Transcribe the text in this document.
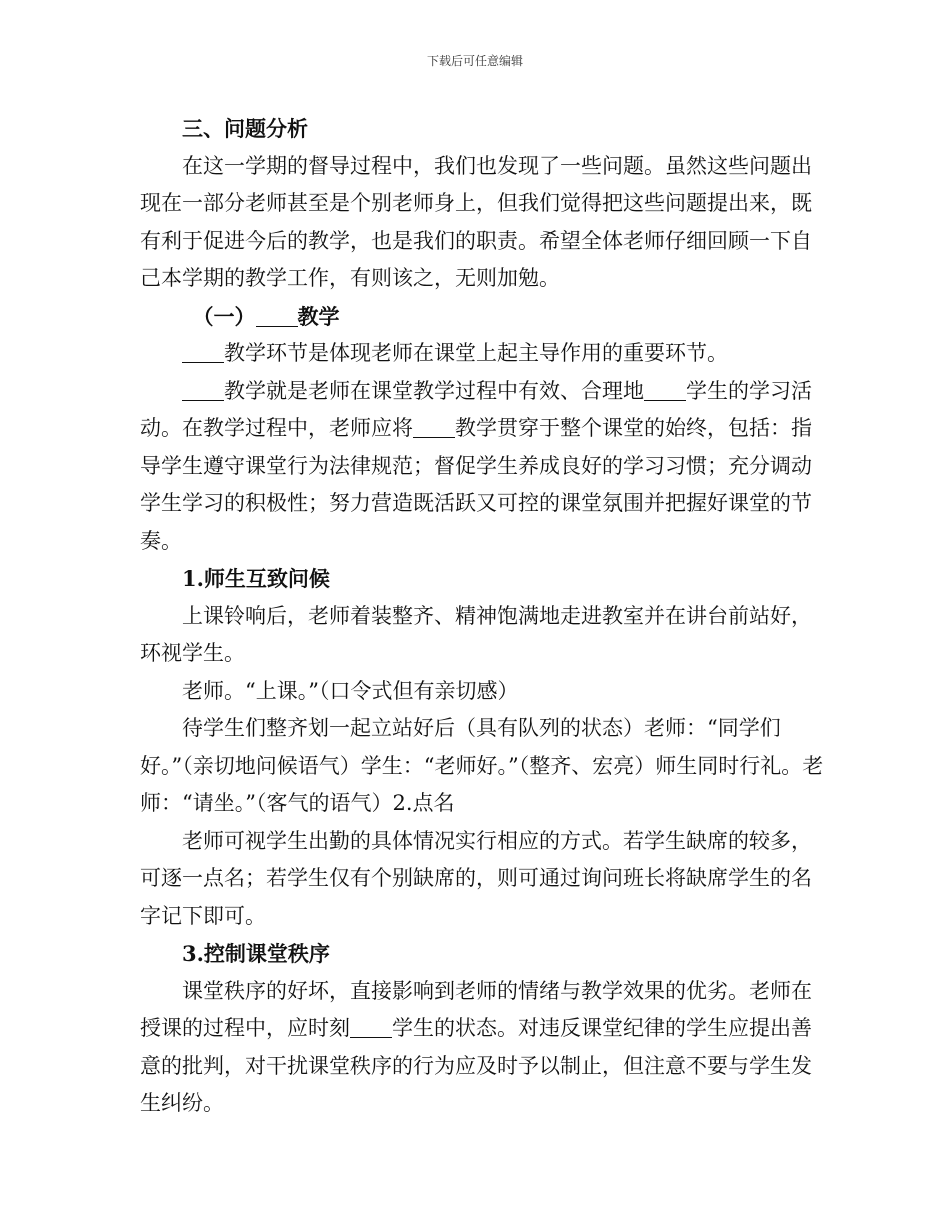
下载后可任意编辑

三、问题分析

在这一学期的督导过程中，我们也发现了一些问题。虽然这些问题出现在一部分老师甚至是个别老师身上，但我们觉得把这些问题提出来，既有利于促进今后的教学，也是我们的职责。希望全体老师仔细回顾一下自己本学期的教学工作，有则该之，无则加勉。

（一） 教学

教学环节是体现老师在课堂上起主导作用的重要环节。

教学就是老师在课堂教学过程中有效、合理地 学生的学习活动。在教学过程中，老师应将 教学贯穿于整个课堂的始终，包括：指导学生遵守课堂行为法律规范；督促学生养成良好的学习习惯；充分调动学生学习的积极性；努力营造既活跃又可控的课堂氛围并把握好课堂的节奏。

1.师生互致问候

上课铃响后，老师着装整齐、精神饱满地走进教室并在讲台前站好，环视学生。

老师。“上课。”（口令式但有亲切感）

待学生们整齐划一起立站好后（具有队列的状态）老师：“同学们好。”（亲切地问候语气）学生：“老师好。”（整齐、宏亮）师生同时行礼。老师：“请坐。”（客气的语气）2.点名

老师可视学生出勤的具体情况实行相应的方式。若学生缺席的较多，可逐一点名；若学生仅有个别缺席的，则可通过询问班长将缺席学生的名字记下即可。

3.控制课堂秩序

课堂秩序的好坏，直接影响到老师的情绪与教学效果的优劣。老师在授课的过程中，应时刻 学生的状态。对违反课堂纪律的学生应提出善意的批判，对干扰课堂秩序的行为应及时予以制止，但注意不要与学生发生纠纷。
